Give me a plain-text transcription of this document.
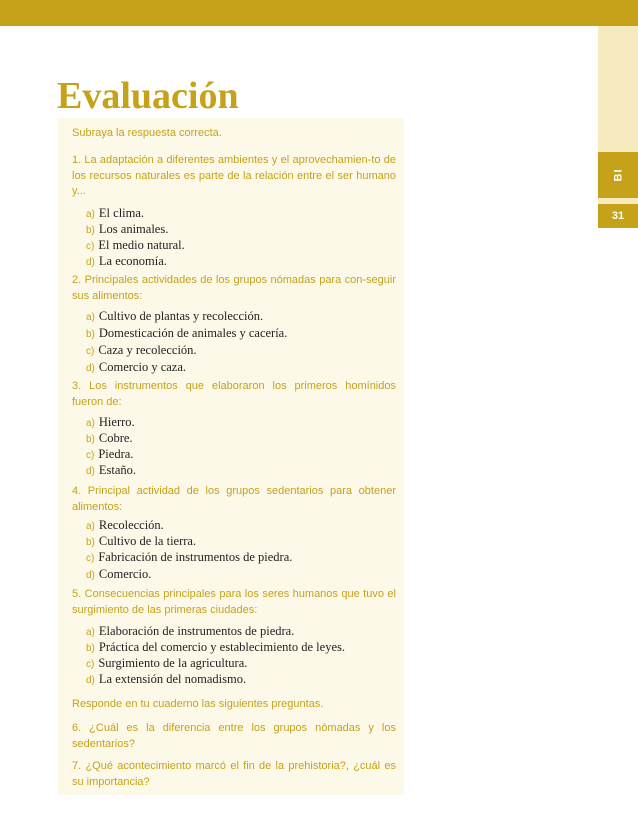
BI
31
Evaluación

Subraya la respuesta correcta.

1. La adaptación a diferentes ambientes y el aprovechamien-to de los recursos naturales es parte de la relación entre el ser humano y...

a) El clima.
b) Los animales.
c) El medio natural.
d) La economía.

2. Principales actividades de los grupos nómadas para con-seguir sus alimentos:

a) Cultivo de plantas y recolección.
b) Domesticación de animales y cacería.
c) Caza y recolección.
d) Comercio y caza.

3. Los instrumentos que elaboraron los primeros homínidos fueron de:

a) Hierro.
b) Cobre.
c) Piedra.
d) Estaño.

4. Principal actividad de los grupos sedentarios para obtener alimentos:

a) Recolección.
b) Cultivo de la tierra.
c) Fabricación de instrumentos de piedra.
d) Comercio.

5. Consecuencias principales para los seres humanos que tuvo el surgimiento de las primeras ciudades:

a) Elaboración de instrumentos de piedra.
b) Práctica del comercio y establecimiento de leyes.
c) Surgimiento de la agricultura.
d) La extensión del nomadismo.

Responde en tu cuaderno las siguientes preguntas.

6. ¿Cuál es la diferencia entre los grupos nómadas y los sedentarios?

7. ¿Qué acontecimiento marcó el fin de la prehistoria?, ¿cuál es su importancia?
